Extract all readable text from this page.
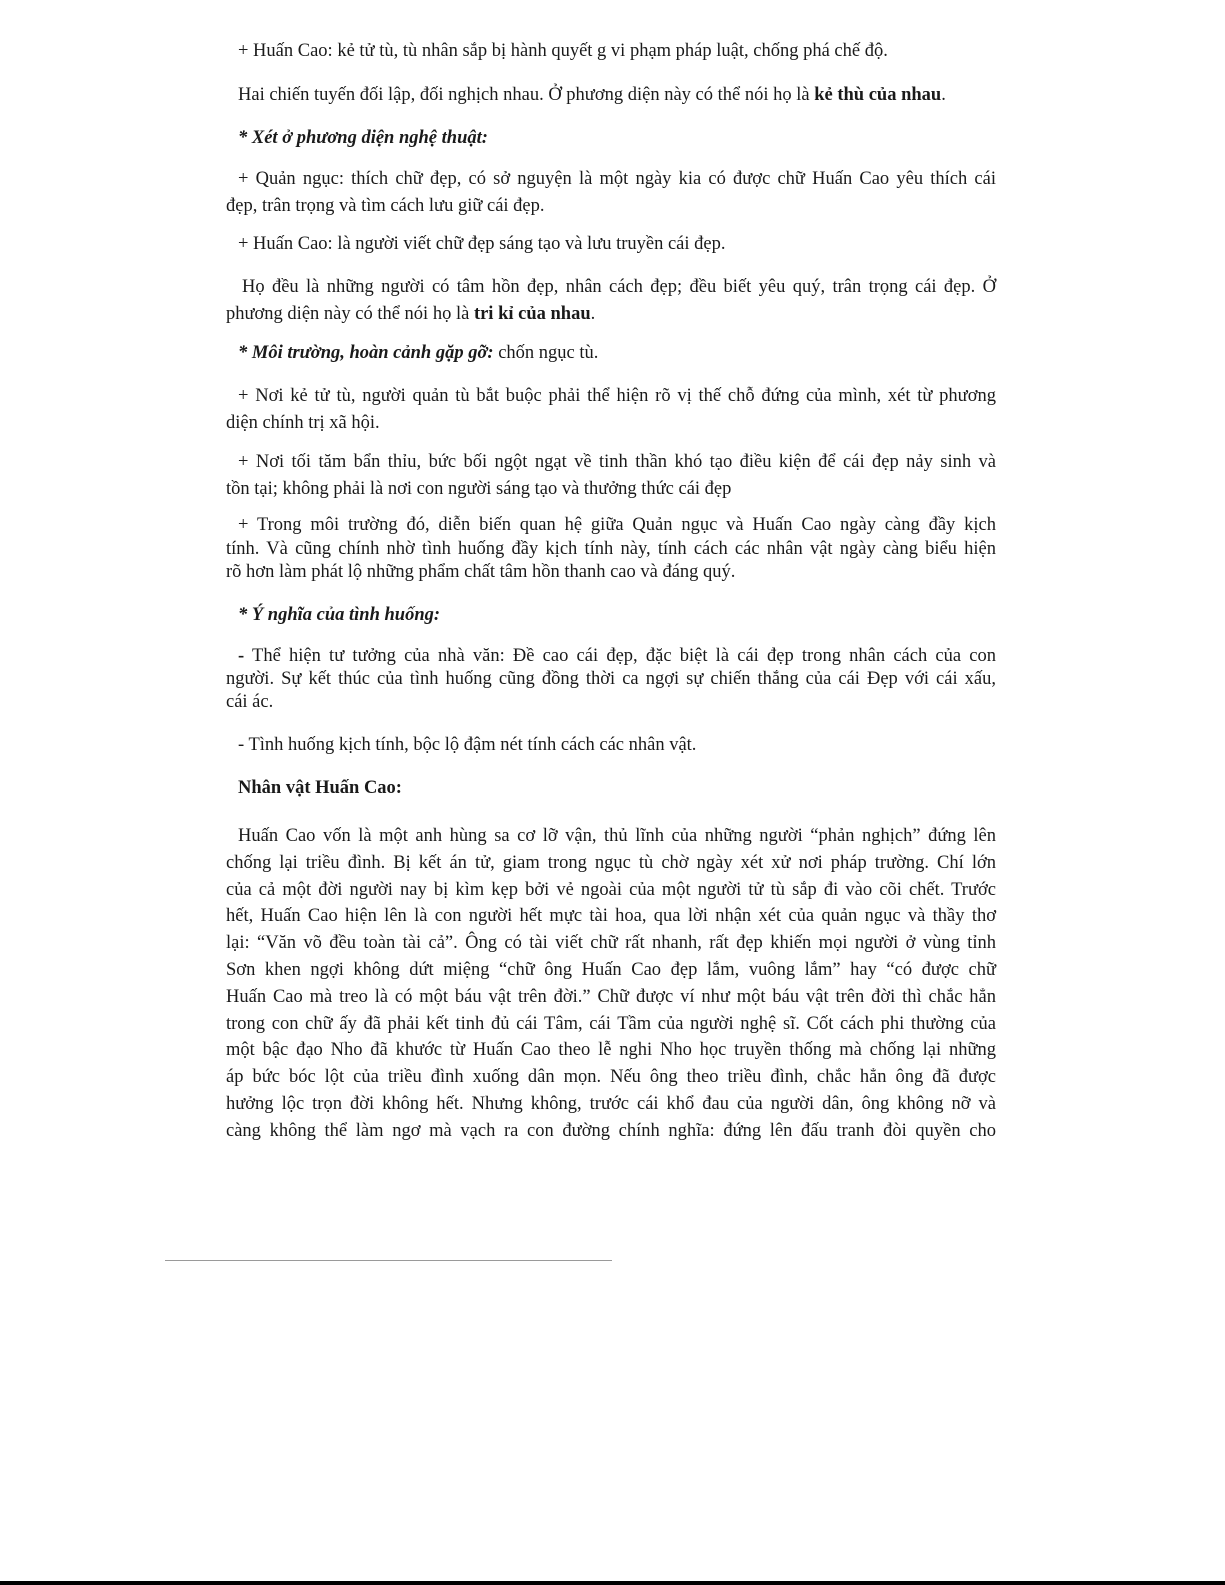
+ Huấn Cao: kẻ tử tù, tù nhân sắp bị hành quyết g vi phạm pháp luật, chống phá chế độ.
Hai chiến tuyến đối lập, đối nghịch nhau. Ở phương diện này có thể nói họ là kẻ thù của nhau.
* Xét ở phương diện nghệ thuật:
+ Quản ngục: thích chữ đẹp, có sở nguyện là một ngày kia có được chữ Huấn Cao yêu thích cái
đẹp, trân trọng và tìm cách lưu giữ cái đẹp.
+ Huấn Cao: là người viết chữ đẹp sáng tạo và lưu truyền cái đẹp.
Họ đều là những người có tâm hồn đẹp, nhân cách đẹp; đều biết yêu quý, trân trọng cái đẹp. Ở
phương diện này có thể nói họ là tri kỉ của nhau.
* Môi trường, hoàn cảnh gặp gỡ: chốn ngục tù.
+ Nơi kẻ tử tù, người quản tù bắt buộc phải thể hiện rõ vị thế chỗ đứng của mình, xét từ phương
diện chính trị xã hội.
+ Nơi tối tăm bẩn thỉu, bức bối ngột ngạt về tinh thần khó tạo điều kiện để cái đẹp nảy sinh và
tồn tại; không phải là nơi con người sáng tạo và thưởng thức cái đẹp
+ Trong môi trường đó, diễn biến quan hệ giữa Quản ngục và Huấn Cao ngày càng đầy kịch
tính. Và cũng chính nhờ tình huống đầy kịch tính này, tính cách các nhân vật ngày càng biểu hiện
rõ hơn làm phát lộ những phẩm chất tâm hồn thanh cao và đáng quý.
* Ý nghĩa của tình huống:
- Thể hiện tư tưởng của nhà văn: Đề cao cái đẹp, đặc biệt là cái đẹp trong nhân cách của con
người. Sự kết thúc của tình huống cũng đồng thời ca ngợi sự chiến thắng của cái Đẹp với cái xấu,
cái ác.
- Tình huống kịch tính, bộc lộ đậm nét tính cách các nhân vật.
Nhân vật Huấn Cao:
Huấn Cao vốn là một anh hùng sa cơ lỡ vận, thủ lĩnh của những người “phản nghịch” đứng lên
chống lại triều đình. Bị kết án tử, giam trong ngục tù chờ ngày xét xử nơi pháp trường. Chí lớn
của cả một đời người nay bị kìm kẹp bởi vẻ ngoài của một người tử tù sắp đi vào cõi chết. Trước
hết, Huấn Cao hiện lên là con người hết mực tài hoa, qua lời nhận xét của quản ngục và thầy thơ
lại: “Văn võ đều toàn tài cả”. Ông có tài viết chữ rất nhanh, rất đẹp khiến mọi người ở vùng tỉnh
Sơn khen ngợi không dứt miệng “chữ ông Huấn Cao đẹp lắm, vuông lắm” hay “có được chữ
Huấn Cao mà treo là có một báu vật trên đời.” Chữ được ví như một báu vật trên đời thì chắc hẳn
trong con chữ ấy đã phải kết tinh đủ cái Tâm, cái Tầm của người nghệ sĩ. Cốt cách phi thường của
một bậc đạo Nho đã khước từ Huấn Cao theo lễ nghi Nho học truyền thống mà chống lại những
áp bức bóc lột của triều đình xuống dân mọn. Nếu ông theo triều đình, chắc hẳn ông đã được
hưởng lộc trọn đời không hết. Nhưng không, trước cái khổ đau của người dân, ông không nỡ và
càng không thể làm ngơ mà vạch ra con đường chính nghĩa: đứng lên đấu tranh đòi quyền cho
